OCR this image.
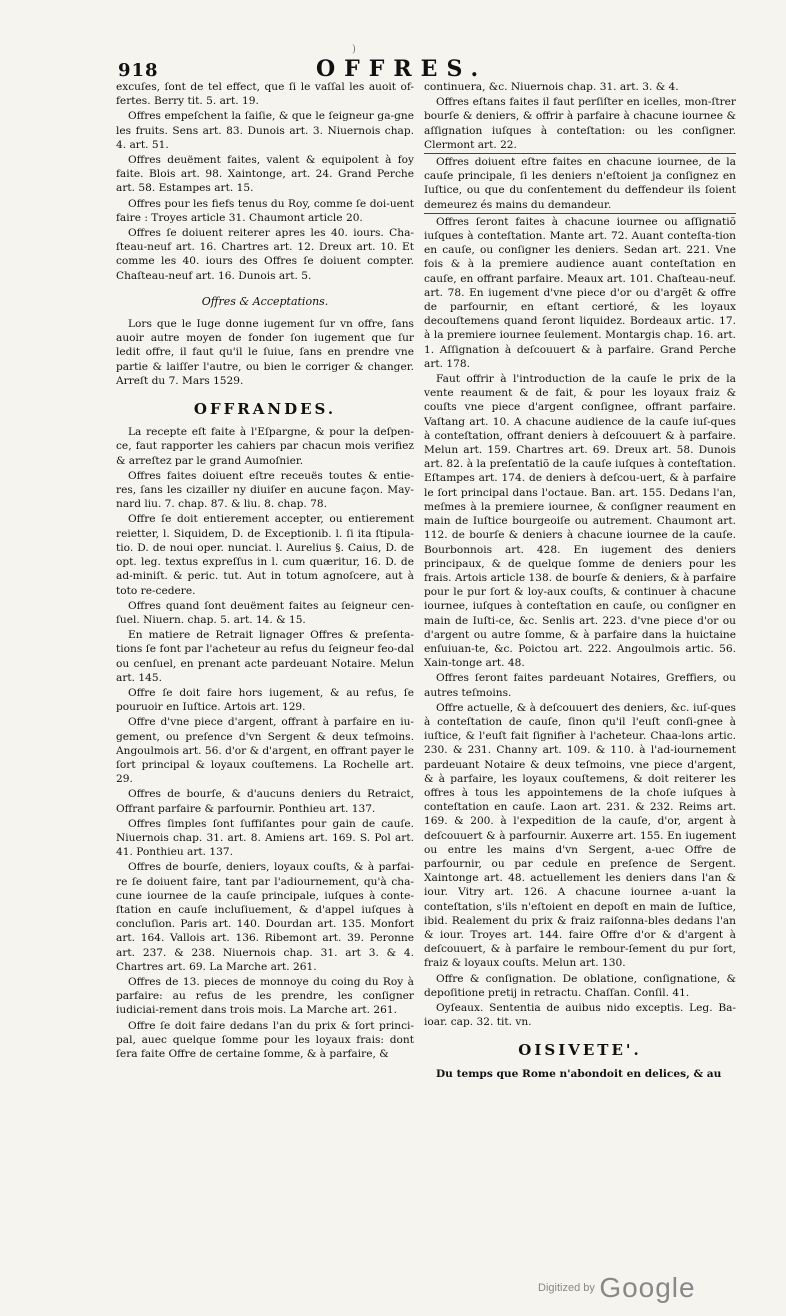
)
918	OFFRES.

excuſes, ſont de tel effect, que ſi le vaſſal les auoit of-fertes. Berry tit. 5. art. 19.

Offres empeſchent la ſaiſie, & que le ſeigneur ga-gne les fruits. Sens art. 83. Dunois art. 3. Niuernois chap. 4. art. 51.

Offres deuëment faites, valent & equipolent à foy faite. Blois art. 98. Xaintonge, art. 24. Grand Perche art. 58. Estampes art. 15.

Offres pour les fiefs tenus du Roy, comme ſe doi-uent faire : Troyes article 31. Chaumont article 20.

Offres ſe doiuent reiterer apres les 40. iours. Cha-ſteau-neuf art. 16. Chartres art. 12. Dreux art. 10. Et comme les 40. iours des Offres ſe doiuent compter. Chaſteau-neuf art. 16. Dunois art. 5.

Offres & Acceptations.

Lors que le Iuge donne iugement ſur vn offre, ſans auoir autre moyen de fonder ſon iugement que ſur ledit offre, il faut qu'il le ſuiue, ſans en prendre vne partie & laiſſer l'autre, ou bien le corriger & changer. Arreſt du 7. Mars 1529.

OFFRANDES.

La recepte eſt faite à l'Eſpargne, & pour la deſpen-ce, faut rapporter les cahiers par chacun mois verifiez & arreſtez par le grand Aumoſnier.

Offres faites doiuent eſtre receuës toutes & entie-res, ſans les cizailler ny diuiſer en aucune façon. May-nard liu. 7. chap. 87. & liu. 8. chap. 78.

Offre ſe doit entierement accepter, ou entierement reietter, l. Siquidem, D. de Exceptionib. l. ſi ita ſtipula-tio. D. de noui oper. nunciat. l. Aurelius §. Caius, D. de opt. leg. textus expreſſus in l. cum quæritur, 16. D. de ad-miniſt. & peric. tut. Aut in totum agnoſcere, aut à toto re-cedere.

Offres quand ſont deuëment faites au ſeigneur cen-ſuel. Niuern. chap. 5. art. 14. & 15.

En matiere de Retrait lignager Offres & preſenta-tions ſe font par l'acheteur au refus du ſeigneur feo-dal ou cenſuel, en prenant acte pardeuant Notaire. Melun art. 145.

Offre ſe doit faire hors iugement, & au refus, ſe pouruoir en Iuſtice. Artois art. 129.

Offre d'vne piece d'argent, offrant à parfaire en iu-gement, ou preſence d'vn Sergent & deux teſmoins. Angoulmois art. 56. d'or & d'argent, en offrant payer le ſort principal & loyaux couſtemens. La Rochelle art. 29.

Offres de bourſe, & d'aucuns deniers du Retraict, Offrant parfaire & parfournir. Ponthieu art. 137.

Offres ſimples ſont ſuffiſantes pour gain de cauſe. Niuernois chap. 31. art. 8. Amiens art. 169. S. Pol art. 41. Ponthieu art. 137.

Offres de bourſe, deniers, loyaux couſts, & à parfai-re ſe doiuent faire, tant par l'adiournement, qu'à cha-cune iournee de la cauſe principale, iuſques à conte-ſtation en cauſe incluſiuement, & d'appel iuſques à concluſion. Paris art. 140. Dourdan art. 135. Monfort art. 164. Vallois art. 136. Ribemont art. 39. Peronne art. 237. & 238. Niuernois chap. 31. art 3. & 4. Chartres art. 69. La Marche art. 261.

Offres de 13. pieces de monnoye du coing du Roy à parfaire: au refus de les prendre, les conſigner iudiciai-rement dans trois mois. La Marche art. 261.

Offre ſe doit faire dedans l'an du prix & ſort princi-pal, auec quelque ſomme pour les loyaux frais: dont ſera faite Offre de certaine ſomme, & à parfaire, &

continuera, &c. Niuernois chap. 31. art. 3. & 4.

Offres eſtans faites il faut perſiſter en icelles, mon-ſtrer bourſe & deniers, & offrir à parfaire à chacune iournee & aſſignation iuſques à conteſtation: ou les conſigner. Clermont art. 22.

Offres doiuent eſtre faites en chacune iournee, de la cauſe principale, ſi les deniers n'eſtoient ja conſignez en Iuſtice, ou que du conſentement du deffendeur ils ſoient demeurez és mains du demandeur.

Offres ſeront faites à chacune iournee ou aſſignatiõ iuſques à conteſtation. Mante art. 72. Auant conteſta-tion en cauſe, ou conſigner les deniers. Sedan art. 221. Vne fois & à la premiere audience auant conteſtation en cauſe, en offrant parfaire. Meaux art. 101. Chaſteau-neuf. art. 78. En iugement d'vne piece d'or ou d'argẽt & offre de parfournir, en eſtant certioré, & les loyaux decouſtemens quand ſeront liquidez. Bordeaux artic. 17. à la premiere iournee ſeulement. Montargis chap. 16. art. 1. Aſſignation à deſcouuert & à parfaire. Grand Perche art. 178.

Faut offrir à l'introduction de la cauſe le prix de la vente reaument & de fait, & pour les loyaux fraiz & couſts vne piece d'argent conſignee, offrant parfaire. Vaſtang art. 10. A chacune audience de la cauſe iuſ-ques à conteſtation, offrant deniers à deſcouuert & à parfaire. Melun art. 159. Chartres art. 69. Dreux art. 58. Dunois art. 82. à la preſentatiõ de la cauſe iuſques à conteſtation. Eſtampes art. 174. de deniers à deſcou-uert, & à parfaire le ſort principal dans l'octaue. Ban. art. 155. Dedans l'an, meſmes à la premiere iournee, & conſigner reaument en main de Iuſtice bourgeoiſe ou autrement. Chaumont art. 112. de bourſe & deniers à chacune iournee de la cauſe. Bourbonnois art. 428. En iugement des deniers principaux, & de quelque ſomme de deniers pour les frais. Artois article 138. de bourſe & deniers, & à parfaire pour le pur ſort & loy-aux couſts, & continuer à chacune iournee, iuſques à conteſtation en cauſe, ou conſigner en main de Iuſti-ce, &c. Senlis art. 223. d'vne piece d'or ou d'argent ou autre ſomme, & à parfaire dans la huictaine enſuiuan-te, &c. Poictou art. 222. Angoulmois artic. 56. Xain-tonge art. 48.

Offres ſeront faites pardeuant Notaires, Greffiers, ou autres teſmoins.

Offre actuelle, & à deſcouuert des deniers, &c. iuſ-ques à conteſtation de cauſe, ſinon qu'il l'euſt conſi-gnee à iuſtice, & l'euſt fait ſignifier à l'acheteur. Chaa-lons artic. 230. & 231. Channy art. 109. & 110. à l'ad-iournement pardeuant Notaire & deux teſmoins, vne piece d'argent, & à parfaire, les loyaux couſtemens, & doit reiterer les offres à tous les appointemens de la choſe iuſques à conteſtation en cauſe. Laon art. 231. & 232. Reims art. 169. & 200. à l'expedition de la cauſe, d'or, argent à deſcouuert & à parfournir. Auxerre art. 155. En iugement ou entre les mains d'vn Sergent, a-uec Offre de parfournir, ou par cedule en preſence de Sergent. Xaintonge art. 48. actuellement les deniers dans l'an & iour. Vitry art. 126. A chacune iournee a-uant la conteſtation, s'ils n'eſtoient en depoſt en main de Iuſtice, ibid. Realement du prix & fraiz raiſonna-bles dedans l'an & iour. Troyes art. 144. faire Offre d'or & d'argent à deſcouuert, & à parfaire le rembour-ſement du pur ſort, fraiz & loyaux couſts. Melun art. 130.

Offre & conſignation. De oblatione, conſignatione, & depoſitione pretij in retractu. Chaſſan. Conſil. 41.

Oyſeaux. Sententia de auibus nido exceptis. Leg. Ba-ioar. cap. 32. tit. vn.

OISIVETE'.

Du temps que Rome n'abondoit en delices, & au

Digitized by Google
